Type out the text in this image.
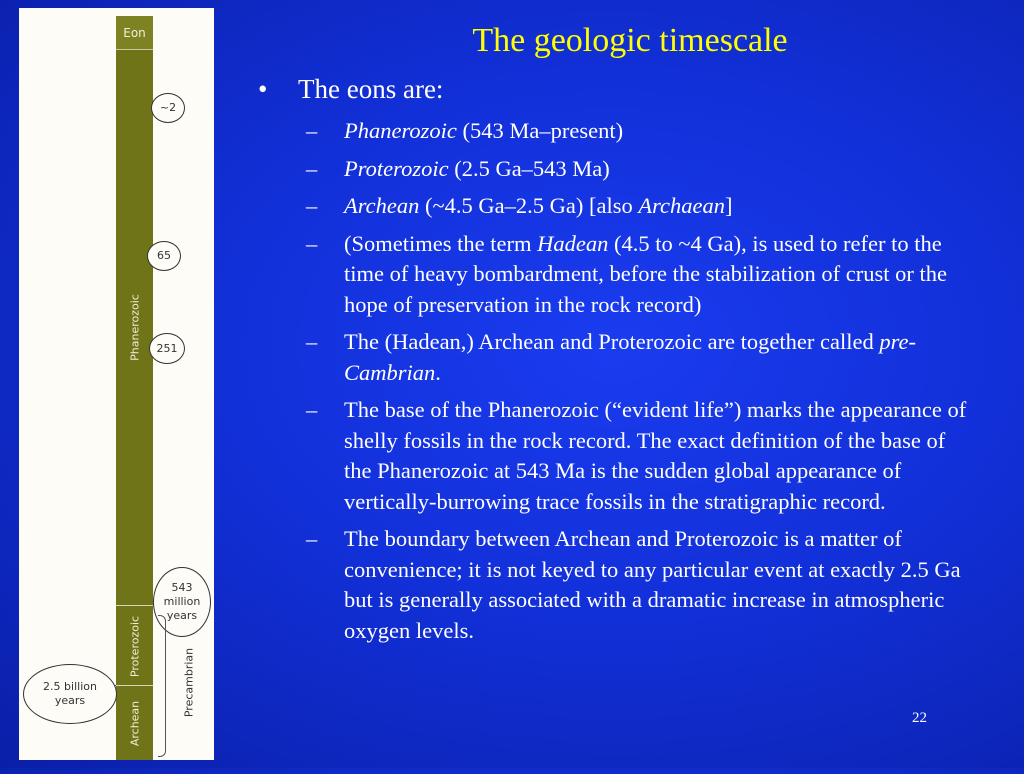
Eon
Phanerozoic
Proterozoic
Archean
~2
65
251
543 million years
2.5 billion years	Precambrian
The geologic timescale
• The eons are:
– Phanerozoic (543 Ma–present)
– Proterozoic (2.5 Ga–543 Ma)
– Archean (~4.5 Ga–2.5 Ga) [also Archaean]
– (Sometimes the term Hadean (4.5 to ~4 Ga), is used to refer to the time of heavy bombardment, before the stabilization of crust or the hope of preservation in the rock record)
– The (Hadean,) Archean and Proterozoic are together called pre-Cambrian.
– The base of the Phanerozoic (“evident life”) marks the appearance of shelly fossils in the rock record. The exact definition of the base of the Phanerozoic at 543 Ma is the sudden global appearance of vertically-burrowing trace fossils in the stratigraphic record.
– The boundary between Archean and Proterozoic is a matter of convenience; it is not keyed to any particular event at exactly 2.5 Ga but is generally associated with a dramatic increase in atmospheric oxygen levels.
22
